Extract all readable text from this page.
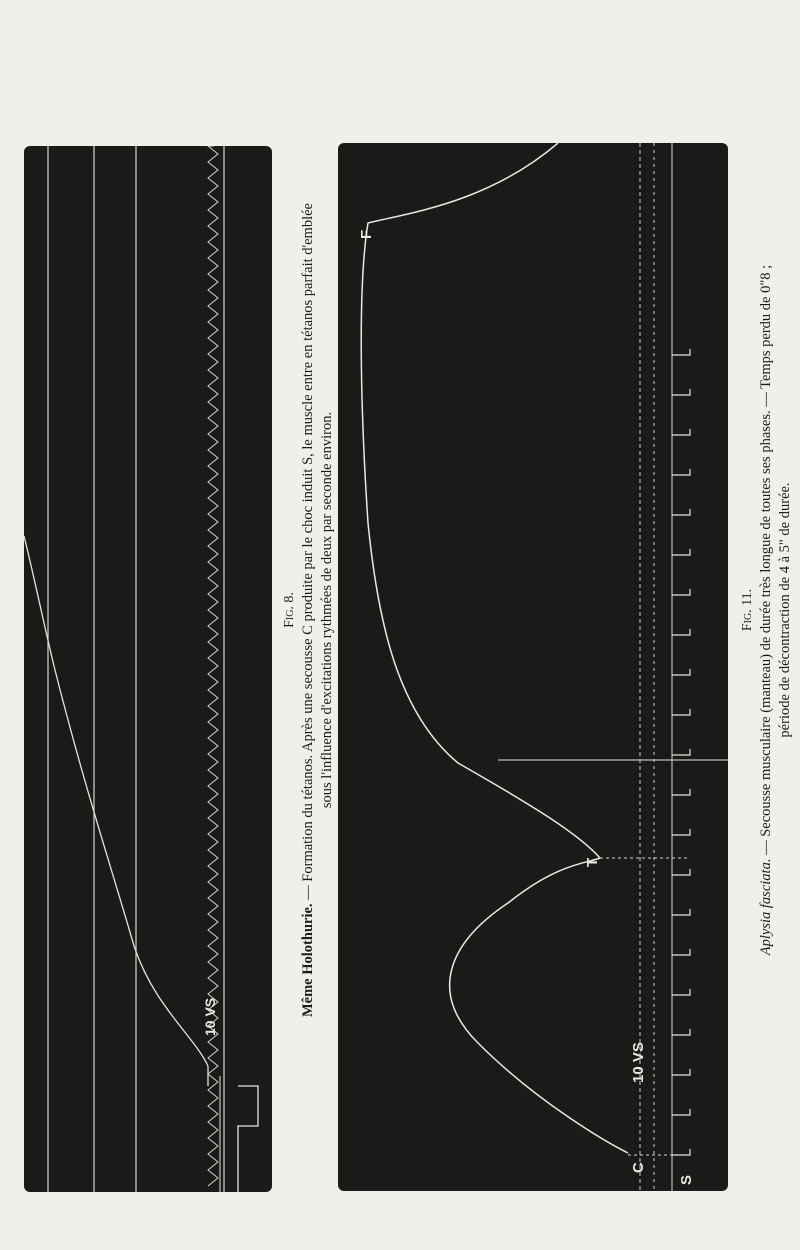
10 VS
Fig. 8.
Même Holothurie. — Formation du tétanos. Après une secousse C produite par le choc induit S, le muscle entre en tétanos parfait d'emblée sous l'influence d'excitations rythmées de deux par seconde environ.
C
S
T
F
10 VS
Fig. 11.
Aplysia fasciata. — Secousse musculaire (manteau) de durée très longue de toutes ses phases. — Temps perdu de 0"8 ; période de décontraction de 4 à 5" de durée.
